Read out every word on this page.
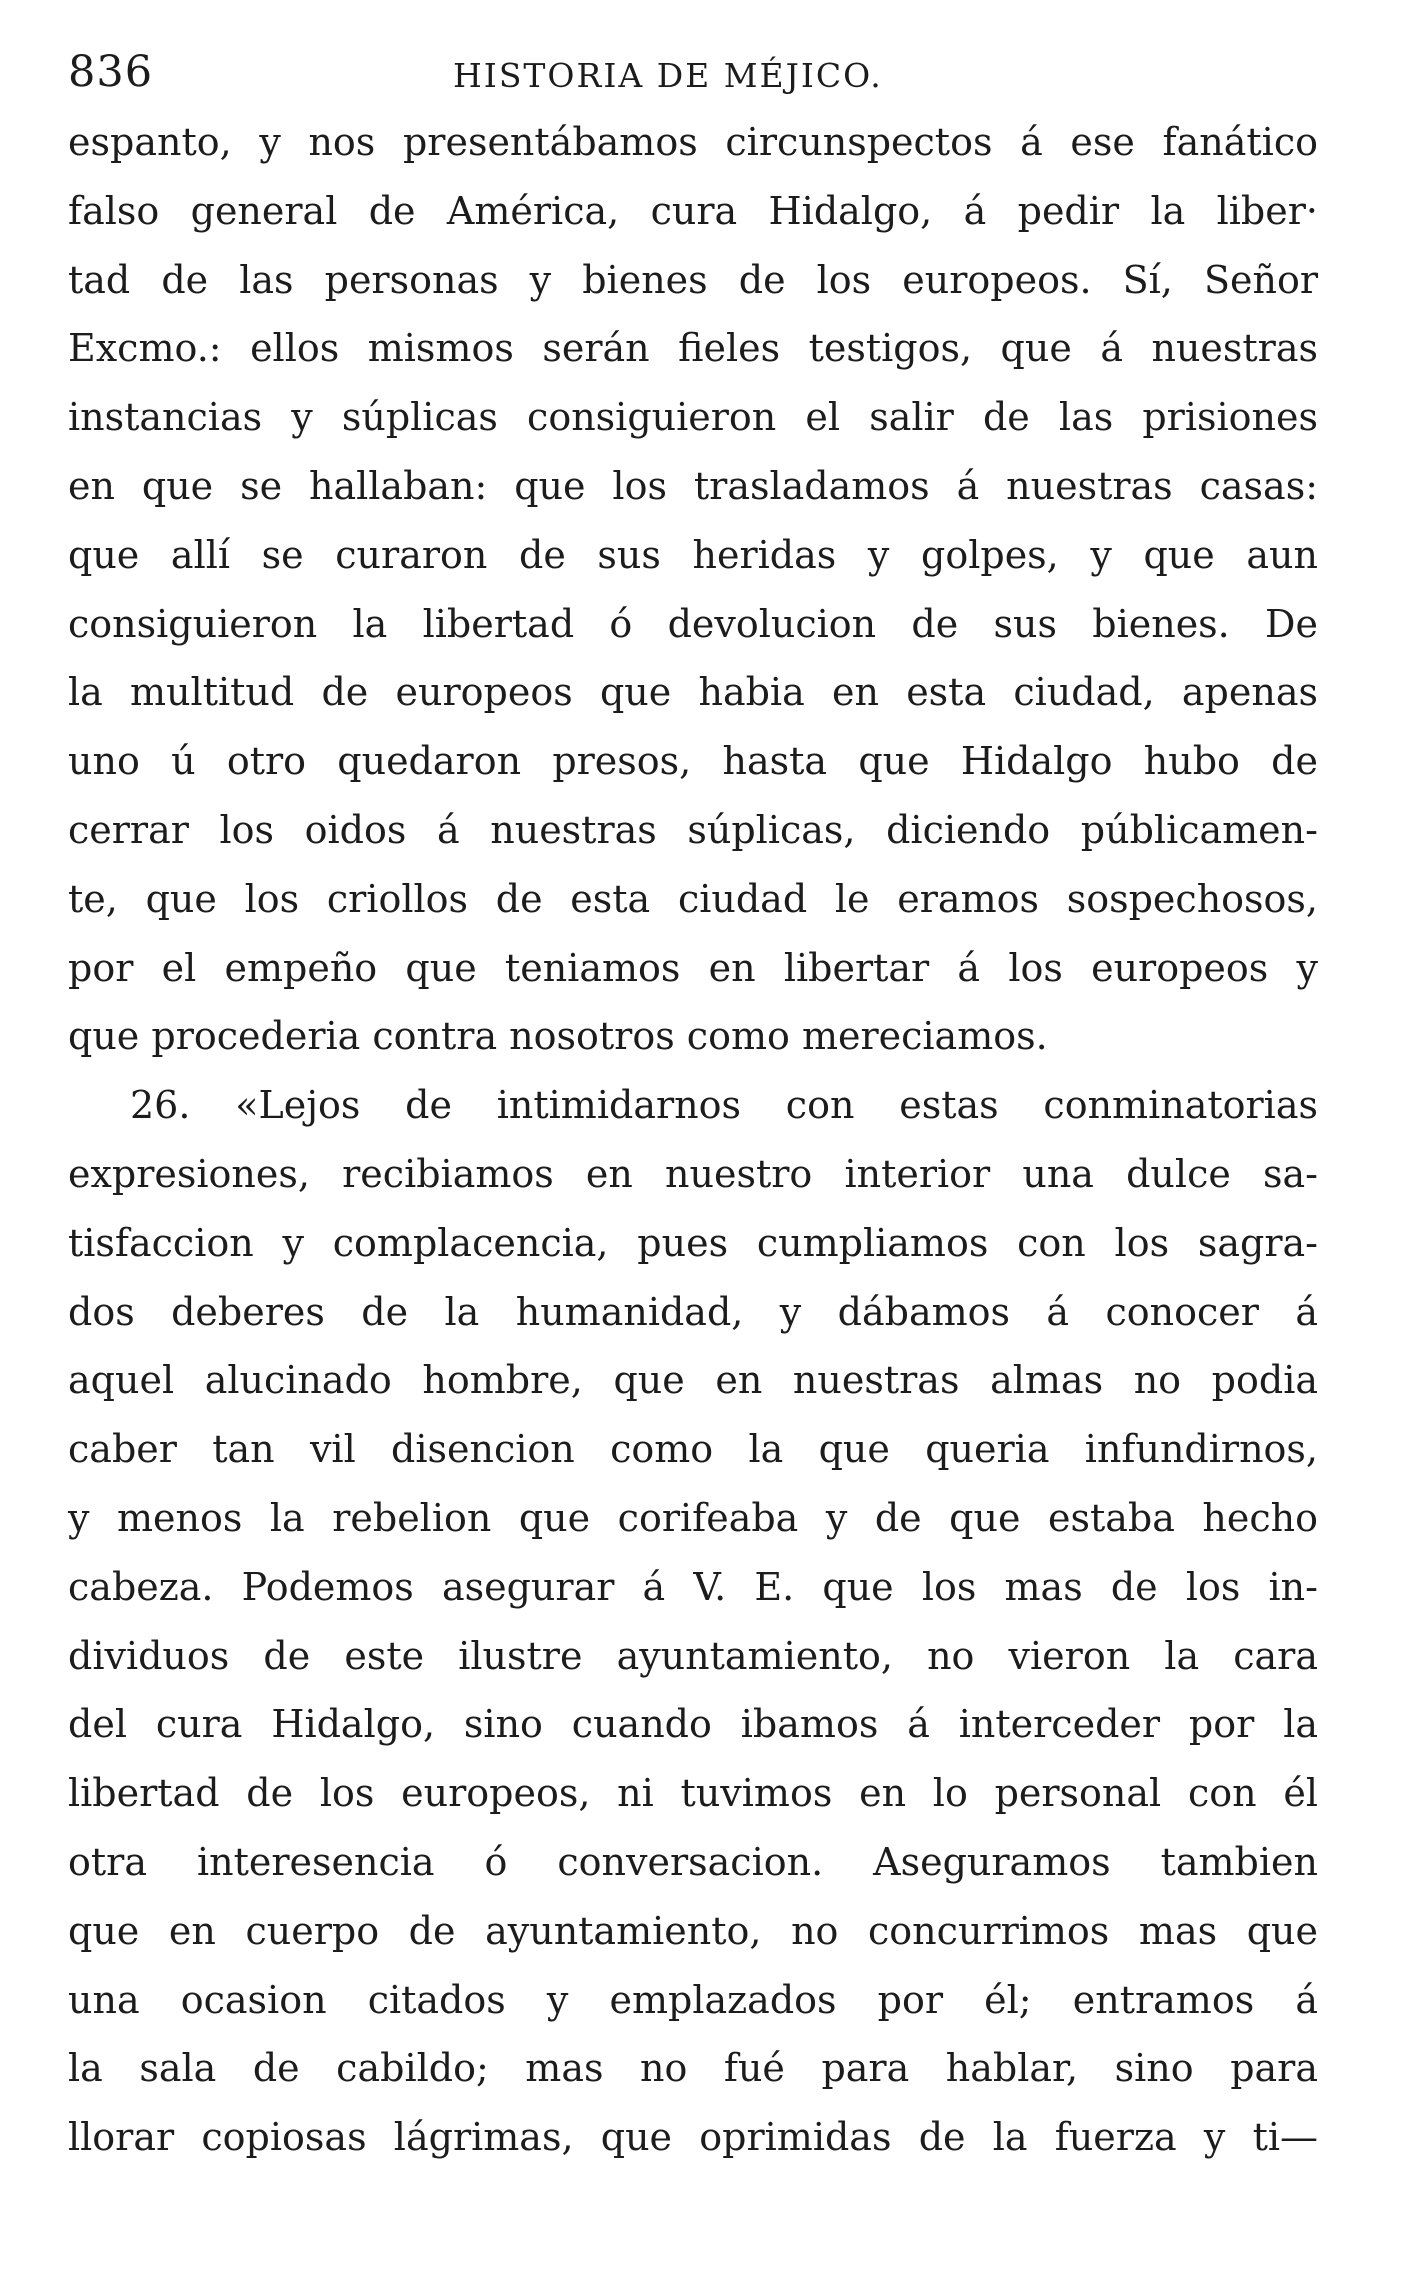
836	HISTORIA DE MÉJICO.
espanto, y nos presentábamos circunspectos á ese fanático
falso general de América, cura Hidalgo, á pedir la liber·
tad de las personas y bienes de los europeos. Sí, Señor
Excmo.: ellos mismos serán fieles testigos, que á nuestras
instancias y súplicas consiguieron el salir de las prisiones
en que se hallaban: que los trasladamos á nuestras casas:
que allí se curaron de sus heridas y golpes, y que aun
consiguieron la libertad ó devolucion de sus bienes. De
la multitud de europeos que habia en esta ciudad, apenas
uno ú otro quedaron presos, hasta que Hidalgo hubo de
cerrar los oidos á nuestras súplicas, diciendo públicamen-
te, que los criollos de esta ciudad le eramos sospechosos,
por el empeño que teniamos en libertar á los europeos y
que procederia contra nosotros como mereciamos.
26. «Lejos de intimidarnos con estas conminatorias
expresiones, recibiamos en nuestro interior una dulce sa-
tisfaccion y complacencia, pues cumpliamos con los sagra-
dos deberes de la humanidad, y dábamos á conocer á
aquel alucinado hombre, que en nuestras almas no podia
caber tan vil disencion como la que queria infundirnos,
y menos la rebelion que corifeaba y de que estaba hecho
cabeza. Podemos asegurar á V. E. que los mas de los in-
dividuos de este ilustre ayuntamiento, no vieron la cara
del cura Hidalgo, sino cuando ibamos á interceder por la
libertad de los europeos, ni tuvimos en lo personal con él
otra interesencia ó conversacion. Aseguramos tambien
que en cuerpo de ayuntamiento, no concurrimos mas que
una ocasion citados y emplazados por él; entramos á
la sala de cabildo; mas no fué para hablar, sino para
llorar copiosas lágrimas, que oprimidas de la fuerza y ti—
